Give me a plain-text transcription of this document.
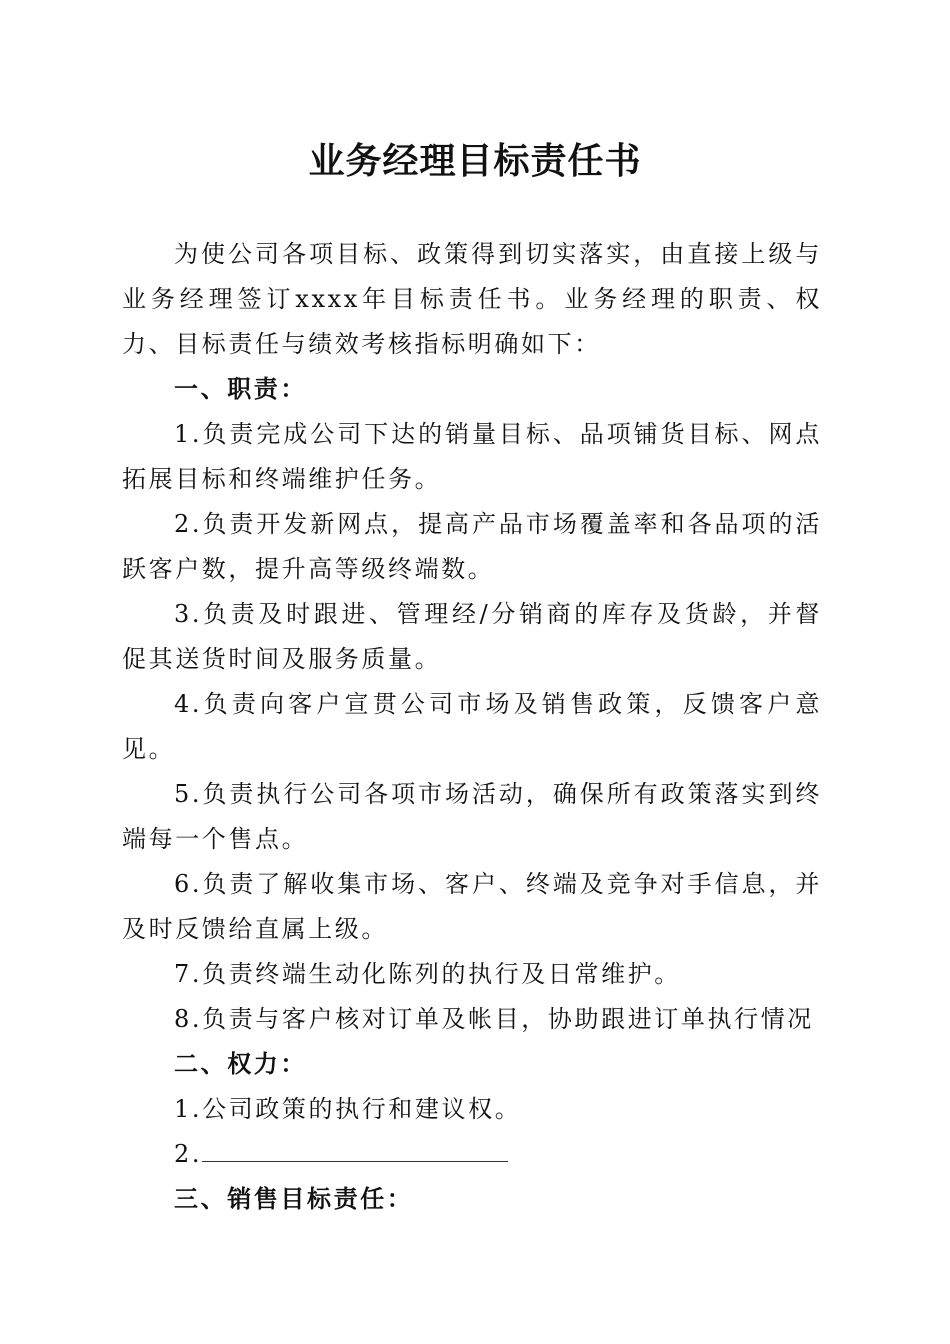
业务经理目标责任书

为使公司各项目标、政策得到切实落实，由直接上级与业务经理签订xxxx年目标责任书。业务经理的职责、权力、目标责任与绩效考核指标明确如下：

一、职责：

1.负责完成公司下达的销量目标、品项铺货目标、网点拓展目标和终端维护任务。

2.负责开发新网点，提高产品市场覆盖率和各品项的活跃客户数，提升高等级终端数。

3.负责及时跟进、管理经/分销商的库存及货龄，并督促其送货时间及服务质量。

4.负责向客户宣贯公司市场及销售政策，反馈客户意见。

5.负责执行公司各项市场活动，确保所有政策落实到终端每一个售点。

6.负责了解收集市场、客户、终端及竞争对手信息，并及时反馈给直属上级。

7.负责终端生动化陈列的执行及日常维护。

8.负责与客户核对订单及帐目，协助跟进订单执行情况

二、权力：

1.公司政策的执行和建议权。

2.

三、销售目标责任：
